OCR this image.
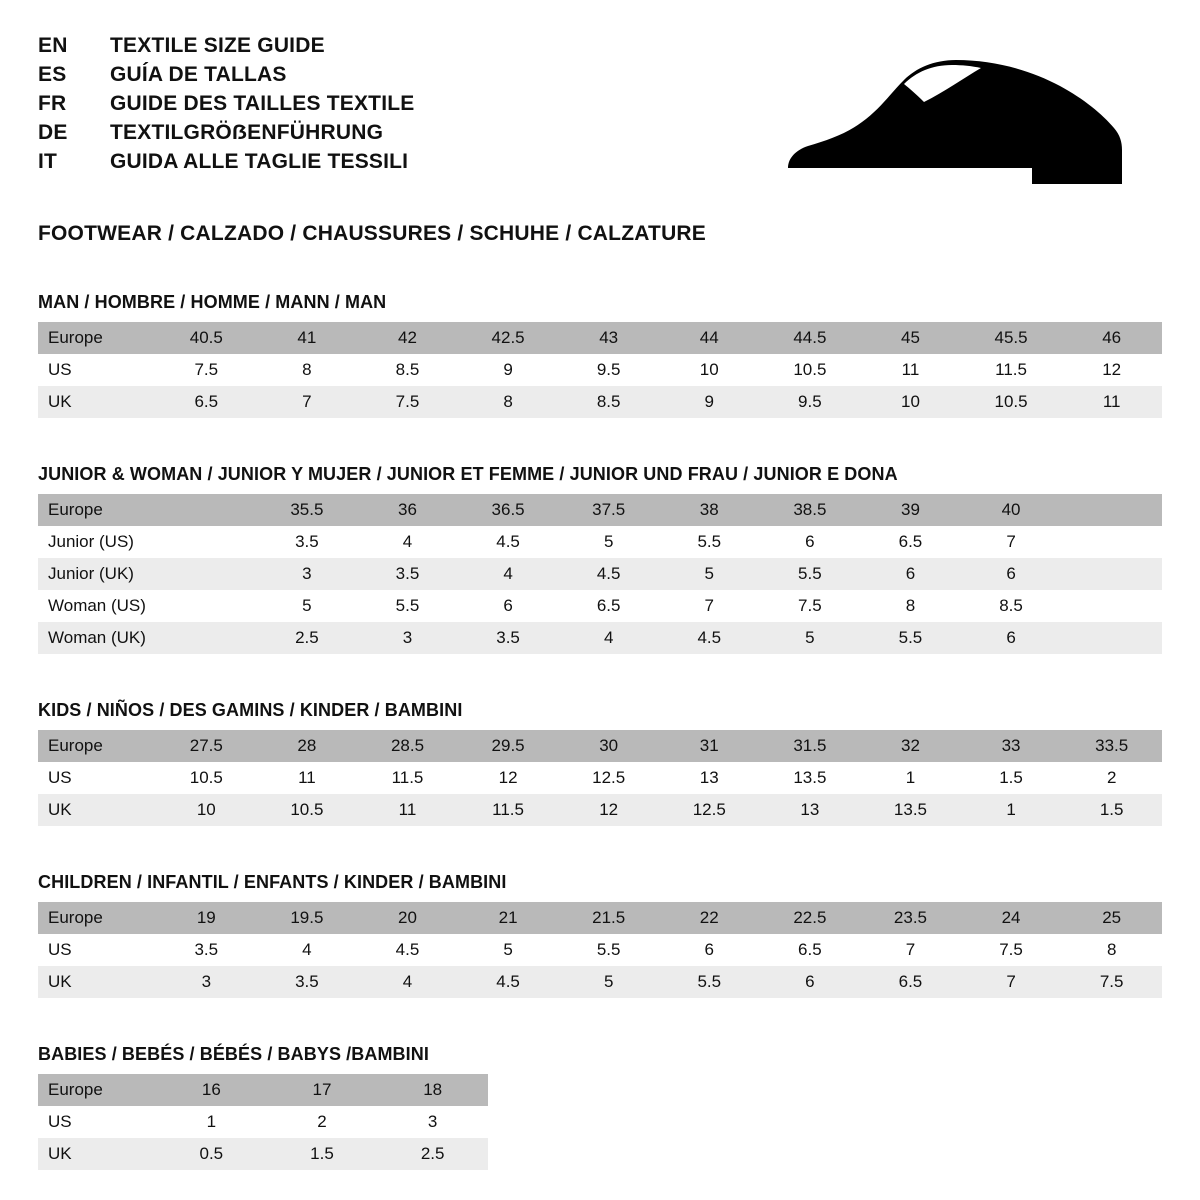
EN	TEXTILE SIZE GUIDE
ES	GUÍA DE TALLAS
FR	GUIDE DES TAILLES TEXTILE
DE	TEXTILGRÖẞENFÜHRUNG
IT	GUIDA ALLE TAGLIE TESSILI
FOOTWEAR / CALZADO / CHAUSSURES / SCHUHE / CALZATURE
MAN / HOMBRE / HOMME / MANN / MAN
Europe	40.5	41	42	42.5	43	44	44.5	45	45.5	46
US	7.5	8	8.5	9	9.5	10	10.5	11	11.5	12
UK	6.5	7	7.5	8	8.5	9	9.5	10	10.5	11
JUNIOR & WOMAN / JUNIOR Y MUJER / JUNIOR ET FEMME / JUNIOR UND FRAU / JUNIOR E DONA
Europe		35.5	36	36.5	37.5	38	38.5	39	40	
Junior (US)		3.5	4	4.5	5	5.5	6	6.5	7	
Junior (UK)		3	3.5	4	4.5	5	5.5	6	6	
Woman (US)		5	5.5	6	6.5	7	7.5	8	8.5	
Woman (UK)		2.5	3	3.5	4	4.5	5	5.5	6	
KIDS / NIÑOS / DES GAMINS / KINDER / BAMBINI
Europe	27.5	28	28.5	29.5	30	31	31.5	32	33	33.5
US	10.5	11	11.5	12	12.5	13	13.5	1	1.5	2
UK	10	10.5	11	11.5	12	12.5	13	13.5	1	1.5
CHILDREN / INFANTIL / ENFANTS / KINDER / BAMBINI
Europe	19	19.5	20	21	21.5	22	22.5	23.5	24	25
US	3.5	4	4.5	5	5.5	6	6.5	7	7.5	8
UK	3	3.5	4	4.5	5	5.5	6	6.5	7	7.5
BABIES / BEBÉS / BÉBÉS / BABYS /BAMBINI
Europe	16	17	18
US	1	2	3
UK	0.5	1.5	2.5
